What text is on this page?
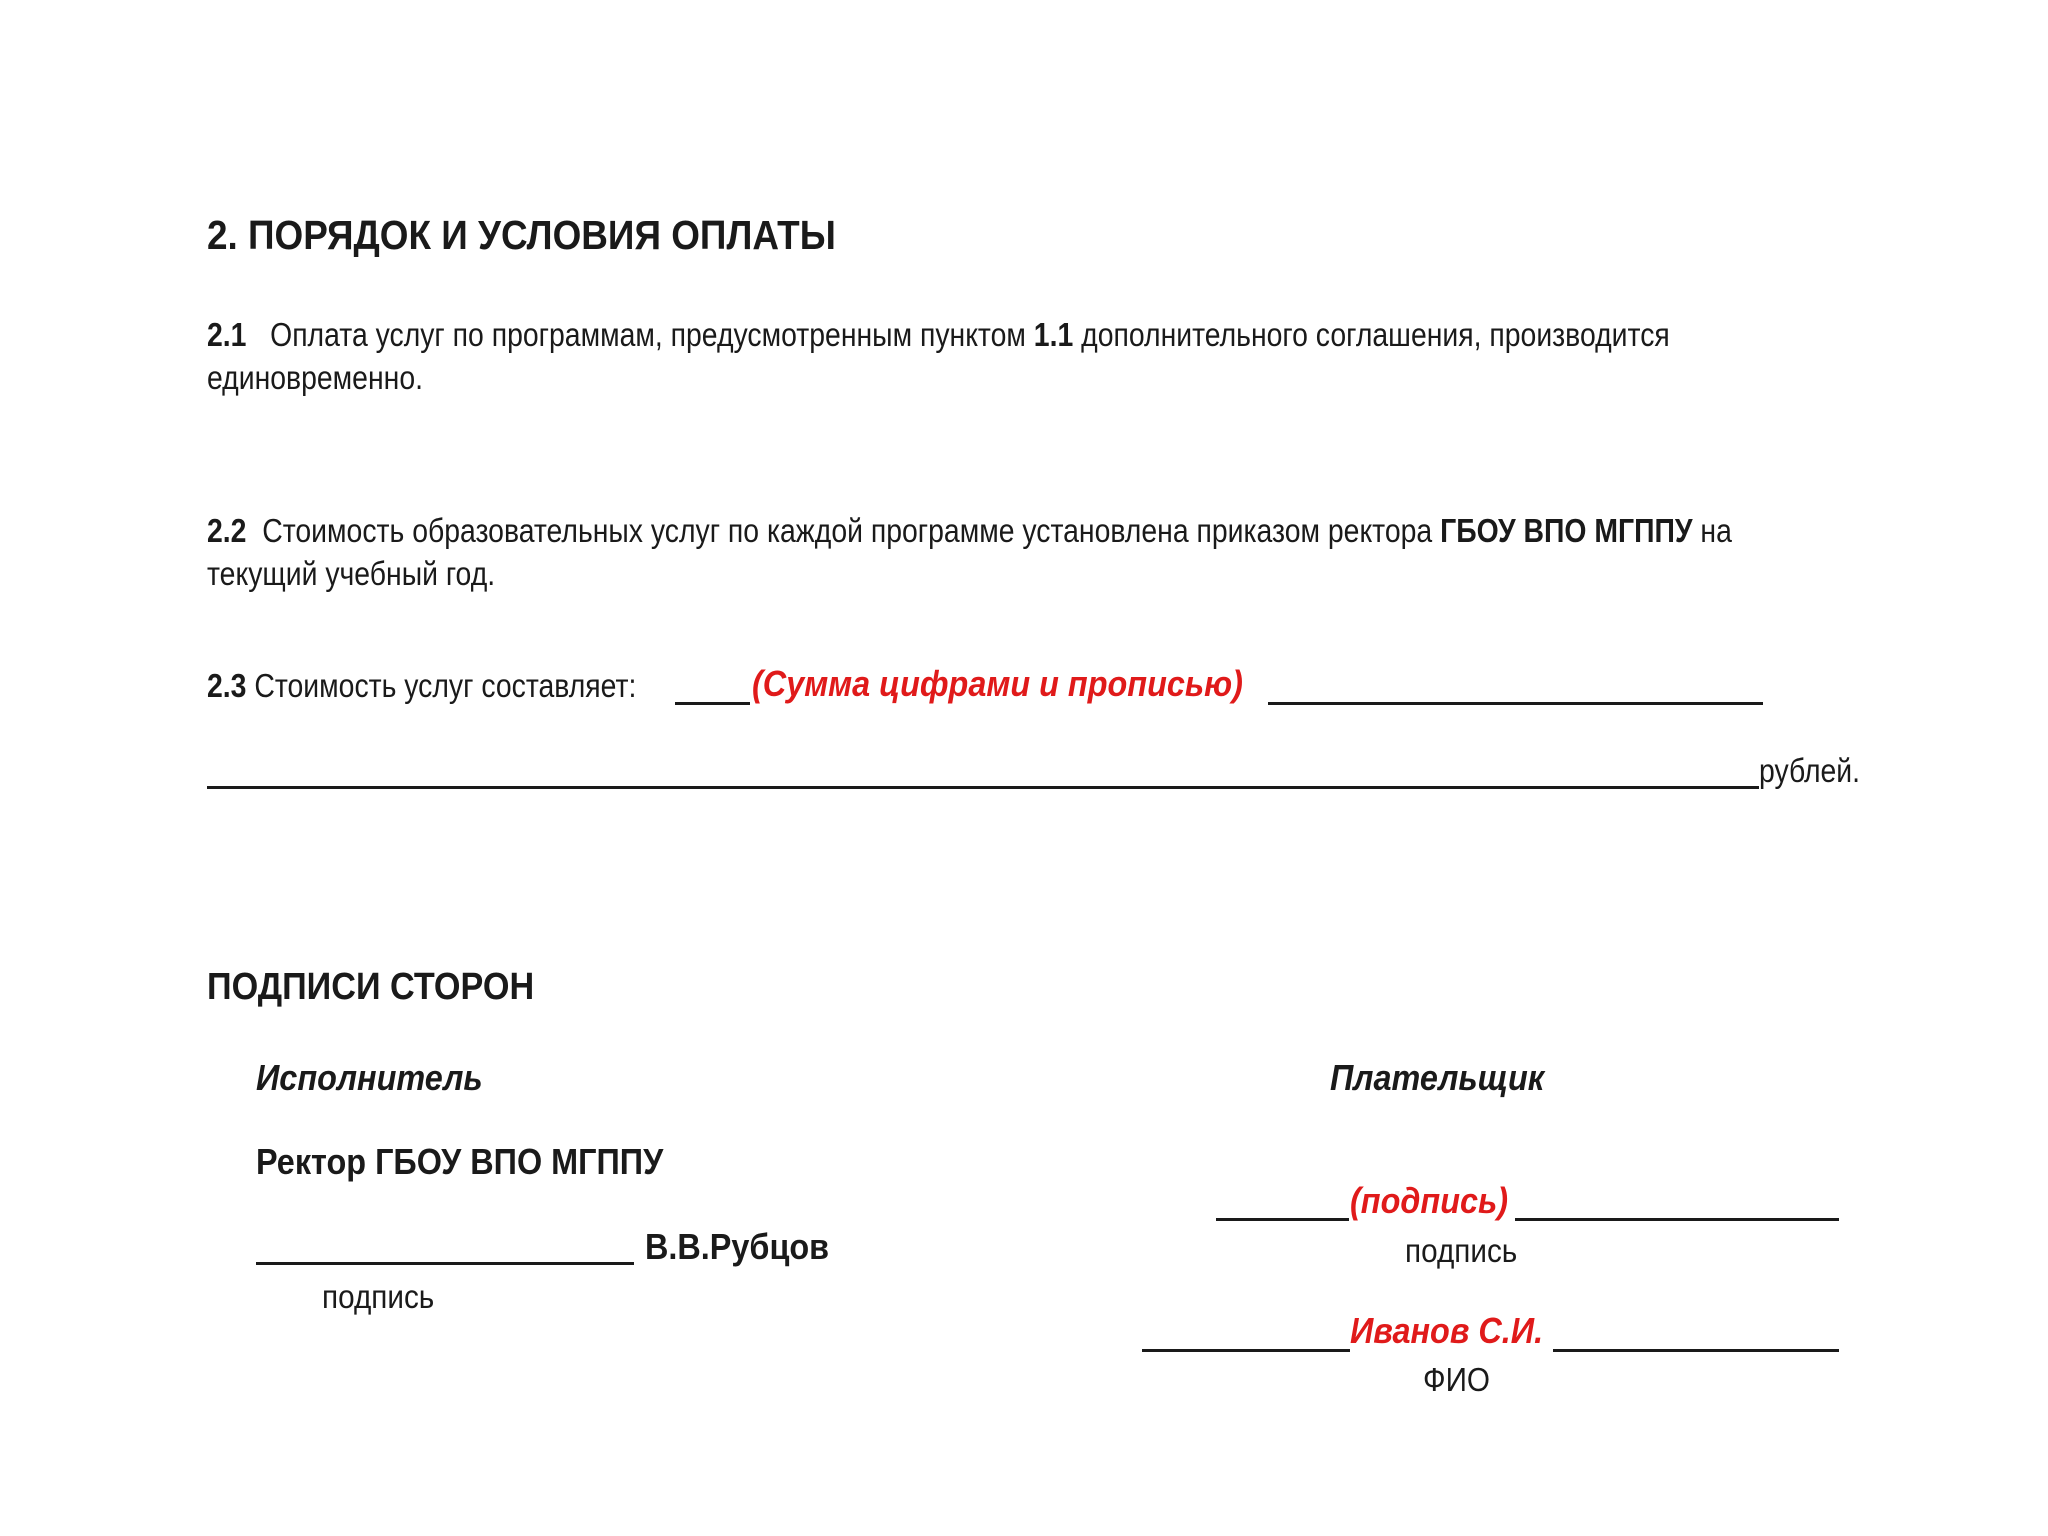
2. ПОРЯДОК И УСЛОВИЯ ОПЛАТЫ
2.1 Оплата услуг по программам, предусмотренным пунктом 1.1 дополнительного соглашения, производится
единовременно.
2.2 Стоимость образовательных услуг по каждой программе установлена приказом ректора ГБОУ ВПО МГППУ на
текущий учебный год.
2.3 Стоимость услуг составляет:	(Сумма цифрами и прописью)
рублей.
ПОДПИСИ СТОРОН
Исполнитель
Ректор ГБОУ ВПО МГППУ
В.В.Рубцов
подпись
Плательщик
(подпись)
подпись
Иванов С.И.
ФИО
